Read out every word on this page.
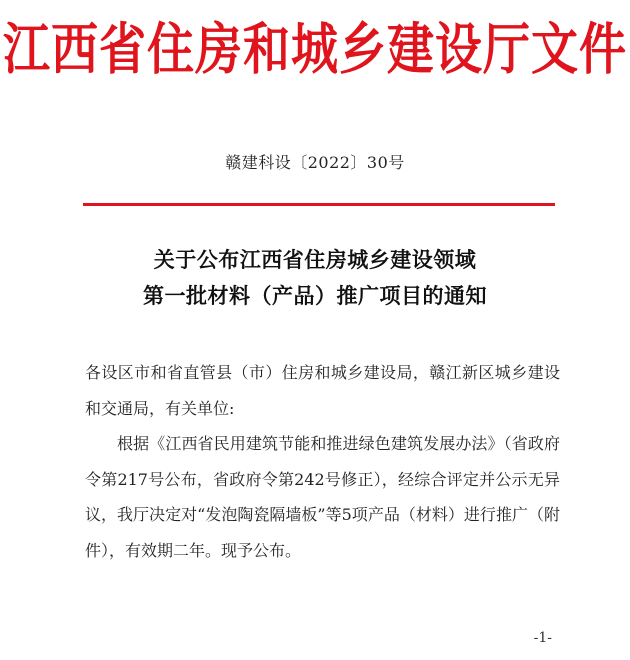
江西省住房和城乡建设厅文件
赣建科设〔2022〕30号
关于公布江西省住房城乡建设领域
第一批材料（产品）推广项目的通知

各设区市和省直管县（市）住房和城乡建设局，赣江新区城乡建设和交通局，有关单位:

根据《江西省民用建筑节能和推进绿色建筑发展办法》（省政府令第217号公布，省政府令第242号修正），经综合评定并公示无异议，我厅决定对“发泡陶瓷隔墙板”等5项产品（材料）进行推广（附件），有效期二年。现予公布。

-1-
